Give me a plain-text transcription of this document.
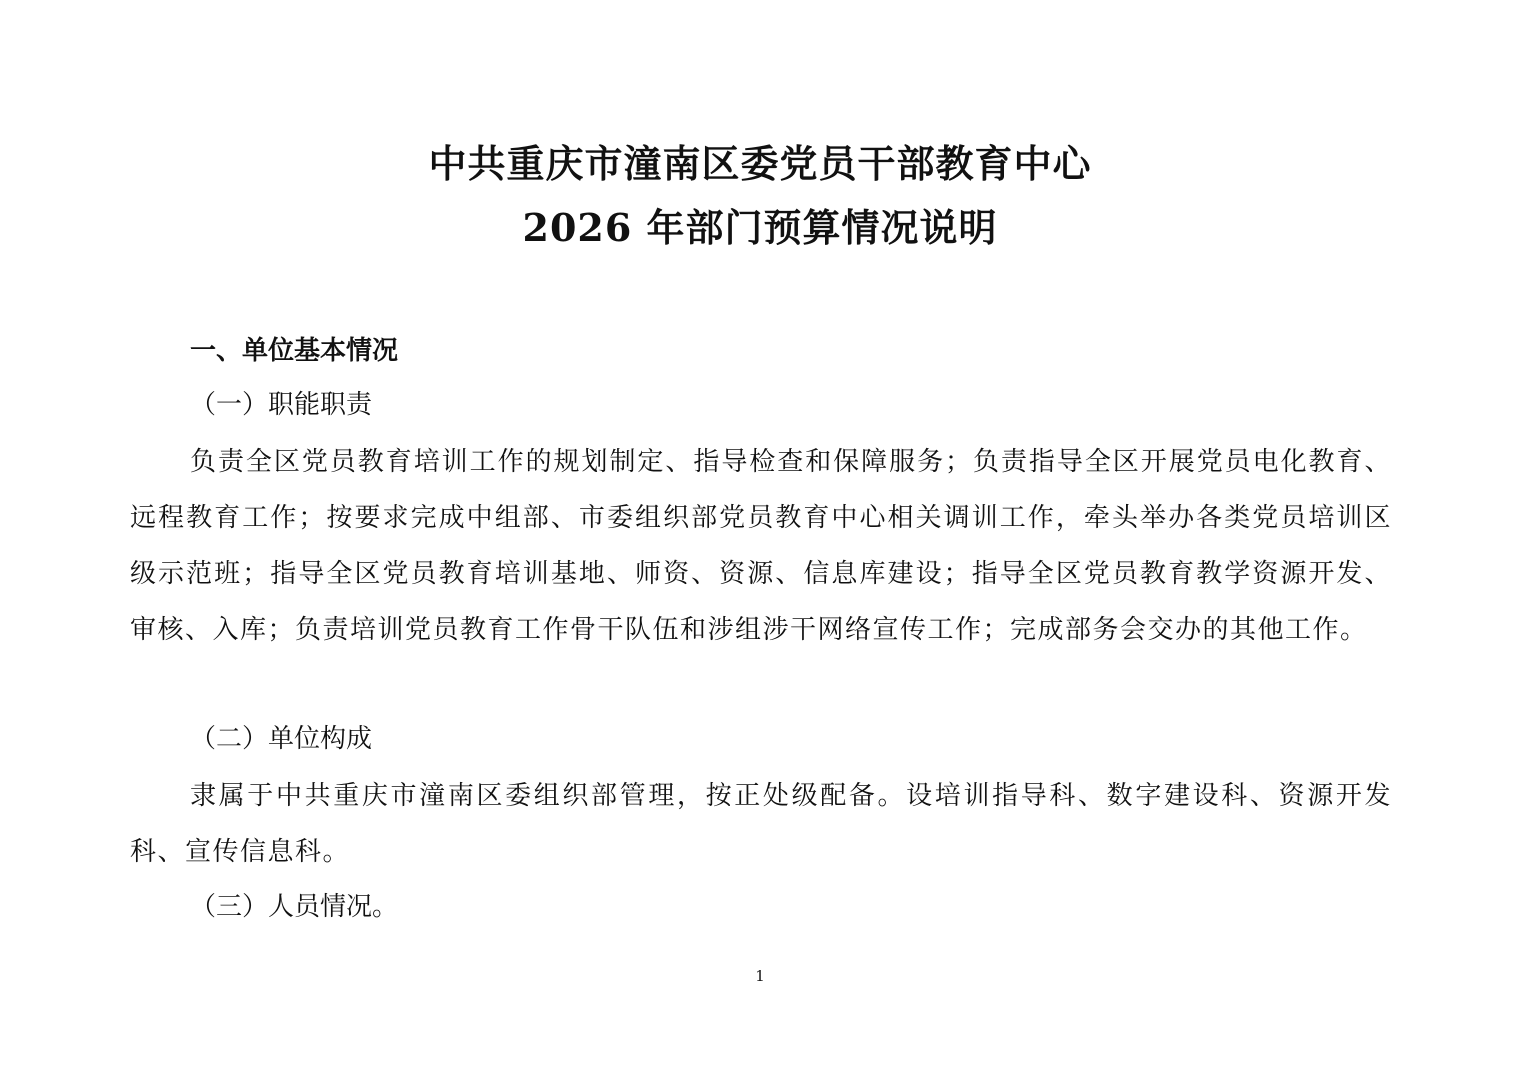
中共重庆市潼南区委党员干部教育中心
2026 年部门预算情况说明
一、单位基本情况
（一）职能职责
负责全区党员教育培训工作的规划制定、指导检查和保障服务；负责指导全区开展党员电化教育、远程教育工作；按要求完成中组部、市委组织部党员教育中心相关调训工作，牵头举办各类党员培训区级示范班；指导全区党员教育培训基地、师资、资源、信息库建设；指导全区党员教育教学资源开发、审核、入库；负责培训党员教育工作骨干队伍和涉组涉干网络宣传工作；完成部务会交办的其他工作。
（二）单位构成
隶属于中共重庆市潼南区委组织部管理，按正处级配备。设培训指导科、数字建设科、资源开发科、宣传信息科。
（三）人员情况。
1
